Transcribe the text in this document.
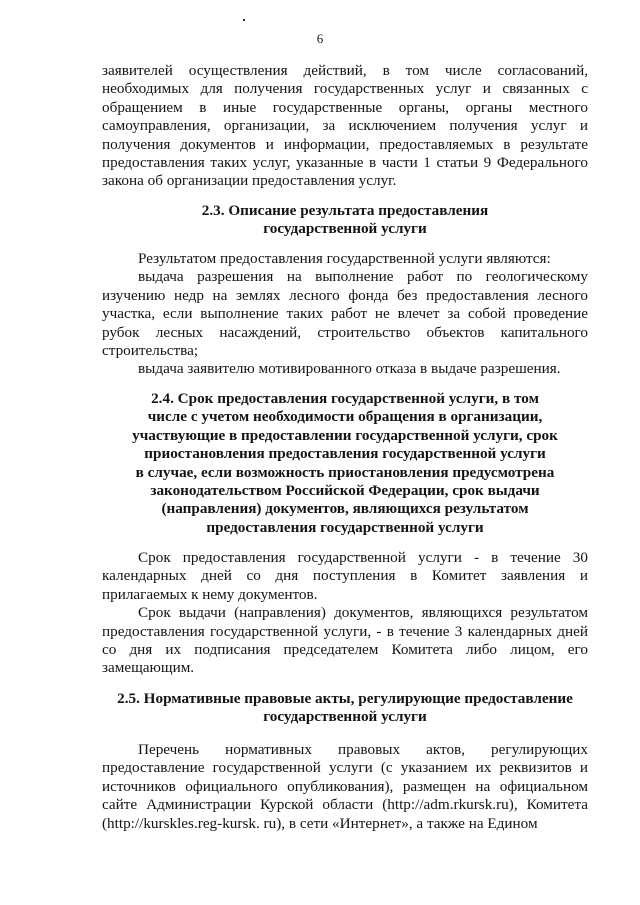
6

заявителей осуществления действий, в том числе согласований, необходимых для получения государственных услуг и связанных с обращением в иные государственные органы, органы местного самоуправления, организации, за исключением получения услуг и получения документов и информации, предоставляемых в результате предоставления таких услуг, указанные в части 1 статьи 9 Федерального закона об организации предоставления услуг.

2.3. Описание результата предоставления
государственной услуги

Результатом предоставления государственной услуги являются:

выдача разрешения на выполнение работ по геологическому изучению недр на землях лесного фонда без предоставления лесного участка, если выполнение таких работ не влечет за собой проведение рубок лесных насаждений, строительство объектов капитального строительства;

выдача заявителю мотивированного отказа в выдаче разрешения.

2.4. Срок предоставления государственной услуги, в том
числе с учетом необходимости обращения в организации,
участвующие в предоставлении государственной услуги, срок
приостановления предоставления государственной услуги
в случае, если возможность приостановления предусмотрена
законодательством Российской Федерации, срок выдачи
(направления) документов, являющихся результатом
предоставления государственной услуги

Срок предоставления государственной услуги - в течение 30 календарных дней со дня поступления в Комитет заявления и прилагаемых к нему документов.

Срок выдачи (направления) документов, являющихся результатом предоставления государственной услуги, - в течение 3 календарных дней со дня их подписания председателем Комитета либо лицом, его замещающим.

2.5. Нормативные правовые акты, регулирующие предоставление
государственной услуги

Перечень нормативных правовых актов, регулирующих предоставление государственной услуги (с указанием их реквизитов и источников официального опубликования), размещен на официальном сайте Администрации Курской области (http://adm.rkursk.ru), Комитета (http://kurskles.reg-kursk. ru), в сети «Интернет», а также на Едином
